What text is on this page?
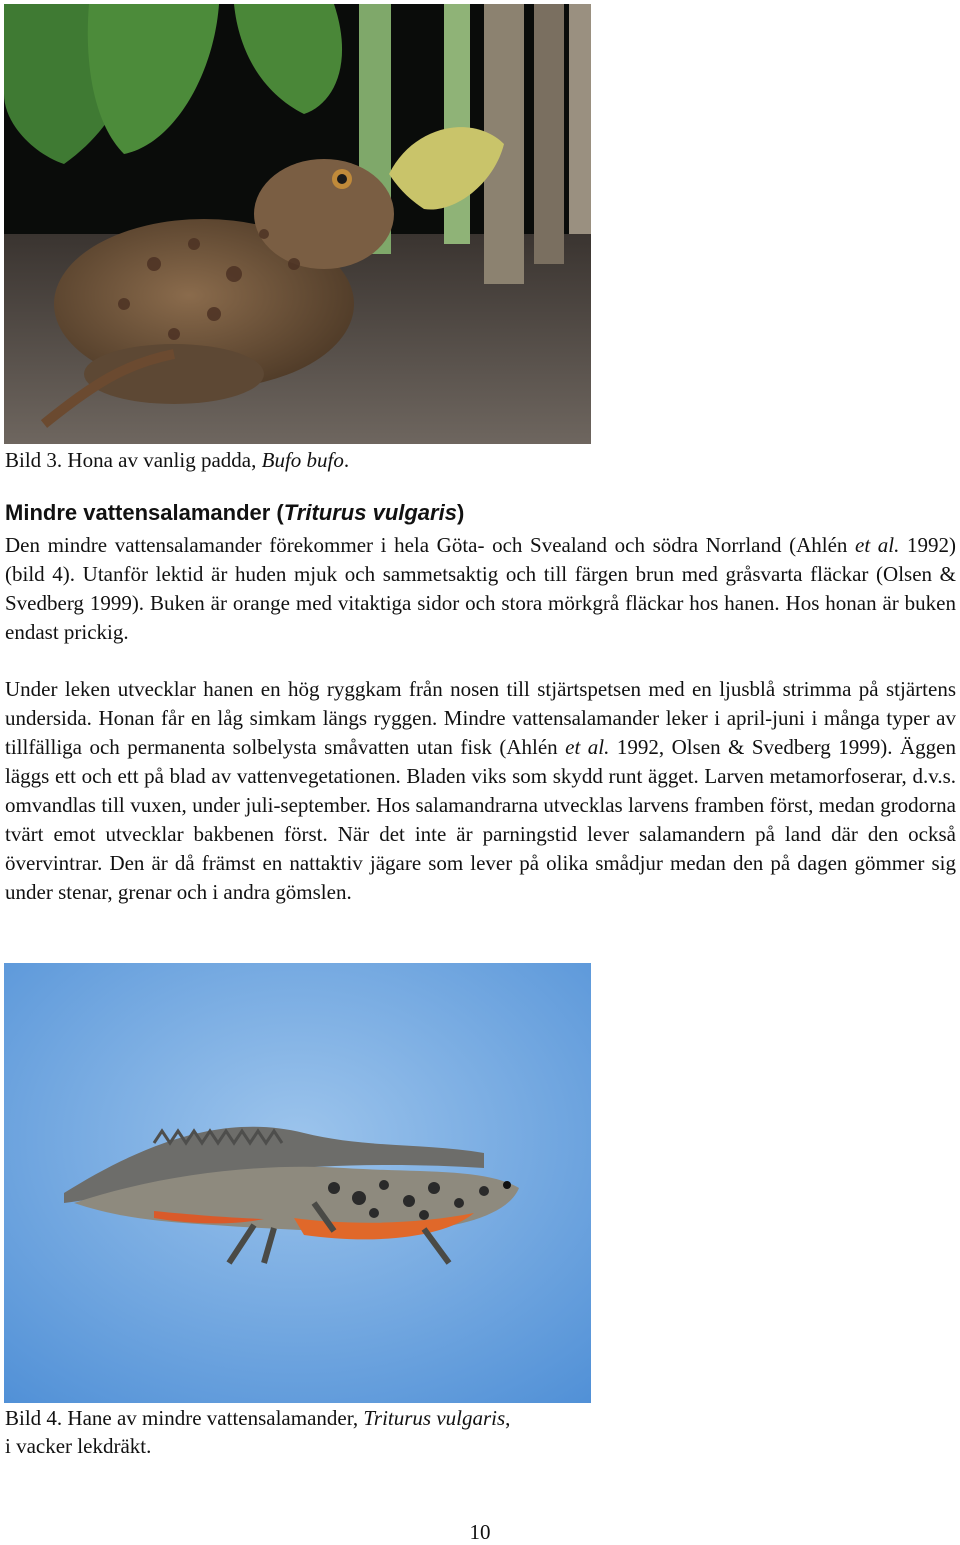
Bild 3. Hona av vanlig padda, Bufo bufo.
Mindre vattensalamander (Triturus vulgaris)

Den mindre vattensalamander förekommer i hela Göta- och Svealand och södra Norrland (Ahlén et al. 1992) (bild 4). Utanför lektid är huden mjuk och sammetsaktig och till färgen brun med gråsvarta fläckar (Olsen & Svedberg 1999). Buken är orange med vitaktiga sidor och stora mörkgrå fläckar hos hanen. Hos honan är buken endast prickig.

Under leken utvecklar hanen en hög ryggkam från nosen till stjärtspetsen med en ljusblå strimma på stjärtens undersida. Honan får en låg simkam längs ryggen. Mindre vattensalamander leker i april-juni i många typer av tillfälliga och permanenta solbelysta småvatten utan fisk (Ahlén et al. 1992, Olsen & Svedberg 1999). Äggen läggs ett och ett på blad av vattenvegetationen. Bladen viks som skydd runt ägget. Larven metamorfoserar, d.v.s. omvandlas till vuxen, under juli-september. Hos salamandrarna utvecklas larvens framben först, medan grodorna tvärt emot utvecklar bakbenen först. När det inte är parningstid lever salamandern på land där den också övervintrar. Den är då främst en nattaktiv jägare som lever på olika smådjur medan den på dagen gömmer sig under stenar, grenar och i andra gömslen.

Bild 4. Hane av mindre vattensalamander, Triturus vulgaris,
i vacker lekdräkt.
10
